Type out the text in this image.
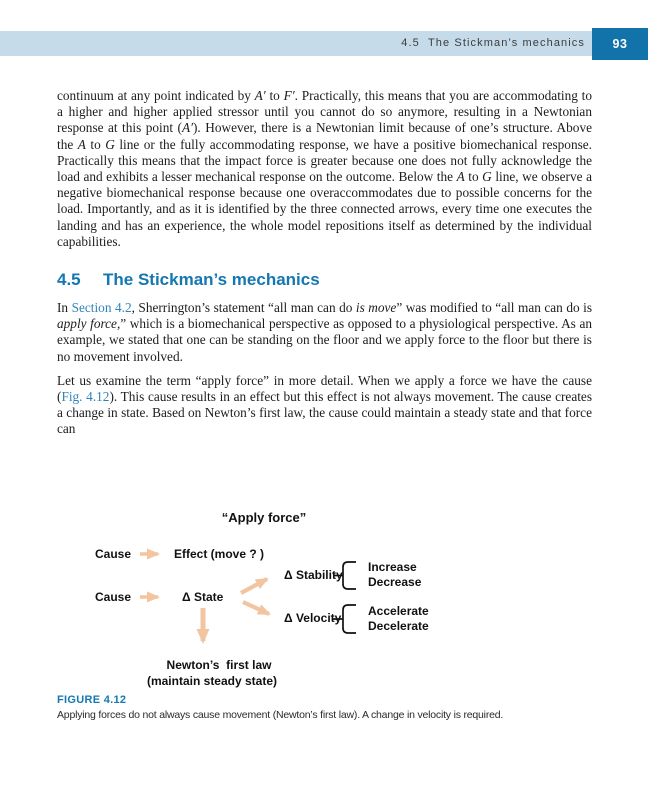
4.5  The Stickman’s mechanics 93

continuum at any point indicated by A′ to F′. Practically, this means that you are accommodating to a higher and higher applied stressor until you cannot do so anymore, resulting in a Newtonian response at this point (A′). However, there is a Newtonian limit because of one’s structure. Above the A to G line or the fully accommodating response, we have a positive biomechanical response. Practically this means that the impact force is greater because one does not fully acknowledge the load and exhibits a lesser mechanical response on the outcome. Below the A to G line, we observe a negative biomechanical response because one overaccommodates due to possible concerns for the load. Importantly, and as it is identified by the three connected arrows, every time one executes the landing and has an experience, the whole model repositions itself as determined by the individual capabilities.

4.5 The Stickman’s mechanics

In Section 4.2, Sherrington’s statement “all man can do is move” was modified to “all man can do is apply force,” which is a biomechanical perspective as opposed to a physiological perspective. As an example, we stated that one can be standing on the floor and we apply force to the floor but there is no movement involved.

Let us examine the term “apply force” in more detail. When we apply a force we have the cause (Fig. 4.12). This cause results in an effect but this effect is not always movement. The cause creates a change in state. Based on Newton’s first law, the cause could maintain a steady state and that force can

“Apply force”
Cause	Effect (move ? )
Cause	Δ State
Δ Stability
Increase
Decrease
Δ Velocity Accelerate
Decelerate
Newton’s  first law
(maintain steady state)
FIGURE 4.12
Applying forces do not always cause movement (Newton’s first law). A change in velocity is required.
